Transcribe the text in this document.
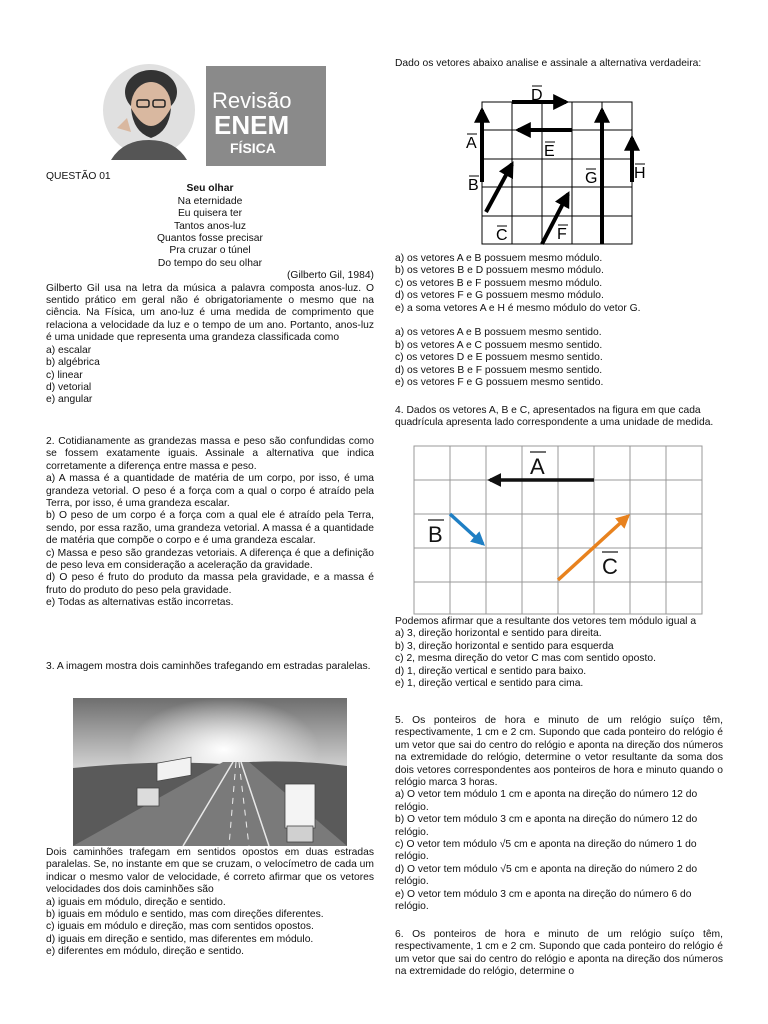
Revisão
ENEM
FÍSICA
QUESTÃO 01
Seu olhar
Na eternidade
Eu quisera ter
Tantos anos-luz
Quantos fosse precisar
Pra cruzar o túnel
Do tempo do seu olhar
(Gilberto Gil, 1984)

Gilberto Gil usa na letra da música a palavra composta anos-luz. O sentido prático em geral não é obrigatoriamente o mesmo que na ciência. Na Física, um ano-luz é uma medida de comprimento que relaciona a velocidade da luz e o tempo de um ano. Portanto, anos-luz é uma unidade que representa uma grandeza classificada como

a) escalar
b) algébrica
c) linear
d) vetorial
e) angular

2. Cotidianamente as grandezas massa e peso são confundidas como se fossem exatamente iguais. Assinale a alternativa que indica corretamente a diferença entre massa e peso.

a) A massa é a quantidade de matéria de um corpo, por isso, é uma grandeza vetorial. O peso é a força com a qual o corpo é atraído pela Terra, por isso, é uma grandeza escalar.

b) O peso de um corpo é a força com a qual ele é atraído pela Terra, sendo, por essa razão, uma grandeza vetorial. A massa é a quantidade de matéria que compõe o corpo e é uma grandeza escalar.

c) Massa e peso são grandezas vetoriais. A diferença é que a definição de peso leva em consideração a aceleração da gravidade.

d) O peso é fruto do produto da massa pela gravidade, e a massa é fruto do produto do peso pela gravidade.

e) Todas as alternativas estão incorretas.

3. A imagem mostra dois caminhões trafegando em estradas paralelas.

Dois caminhões trafegam em sentidos opostos em duas estradas paralelas. Se, no instante em que se cruzam, o velocímetro de cada um indicar o mesmo valor de velocidade, é correto afirmar que os vetores velocidades dos dois caminhões são

a) iguais em módulo, direção e sentido.
b) iguais em módulo e sentido, mas com direções diferentes.
c) iguais em módulo e direção, mas com sentidos opostos.
d) iguais em direção e sentido, mas diferentes em módulo.
e) diferentes em módulo, direção e sentido.

Dado os vetores abaixo analise e assinale a alternativa verdadeira:

A
B
C
D
E
F
G H
a) os vetores A e B possuem mesmo módulo.
b) os vetores B e D possuem mesmo módulo.
c) os vetores B e F possuem mesmo módulo.
d) os vetores F e G possuem mesmo módulo.
e) a soma vetores A e H é mesmo módulo do vetor G.
a) os vetores A e B possuem mesmo sentido.
b) os vetores A e C possuem mesmo sentido.
c) os vetores D e E possuem mesmo sentido.
d) os vetores B e F possuem mesmo sentido.
e) os vetores F e G possuem mesmo sentido.

4. Dados os vetores A, B e C, apresentados na figura em que cada quadrícula apresenta lado correspondente a uma unidade de medida.

A
B
C

Podemos afirmar que a resultante dos vetores tem módulo igual a

a) 3, direção horizontal e sentido para direita.
b) 3, direção horizontal e sentido para esquerda
c) 2, mesma direção do vetor C mas com sentido oposto.
d) 1, direção vertical e sentido para baixo.
e) 1, direção vertical e sentido para cima.

5. Os ponteiros de hora e minuto de um relógio suíço têm, respectivamente, 1 cm e 2 cm. Supondo que cada ponteiro do relógio é um vetor que sai do centro do relógio e aponta na direção dos números na extremidade do relógio, determine o vetor resultante da soma dos dois vetores correspondentes aos ponteiros de hora e minuto quando o relógio marca 3 horas.

a) O vetor tem módulo 1 cm e aponta na direção do número 12 do relógio.

b) O vetor tem módulo 3 cm e aponta na direção do número 12 do relógio.

c) O vetor tem módulo √5 cm e aponta na direção do número 1 do relógio.

d) O vetor tem módulo √5 cm e aponta na direção do número 2 do relógio.

e) O vetor tem módulo 3 cm e aponta na direção do número 6 do relógio.

6. Os ponteiros de hora e minuto de um relógio suíço têm, respectivamente, 1 cm e 2 cm. Supondo que cada ponteiro do relógio é um vetor que sai do centro do relógio e aponta na direção dos números na extremidade do relógio, determine o
